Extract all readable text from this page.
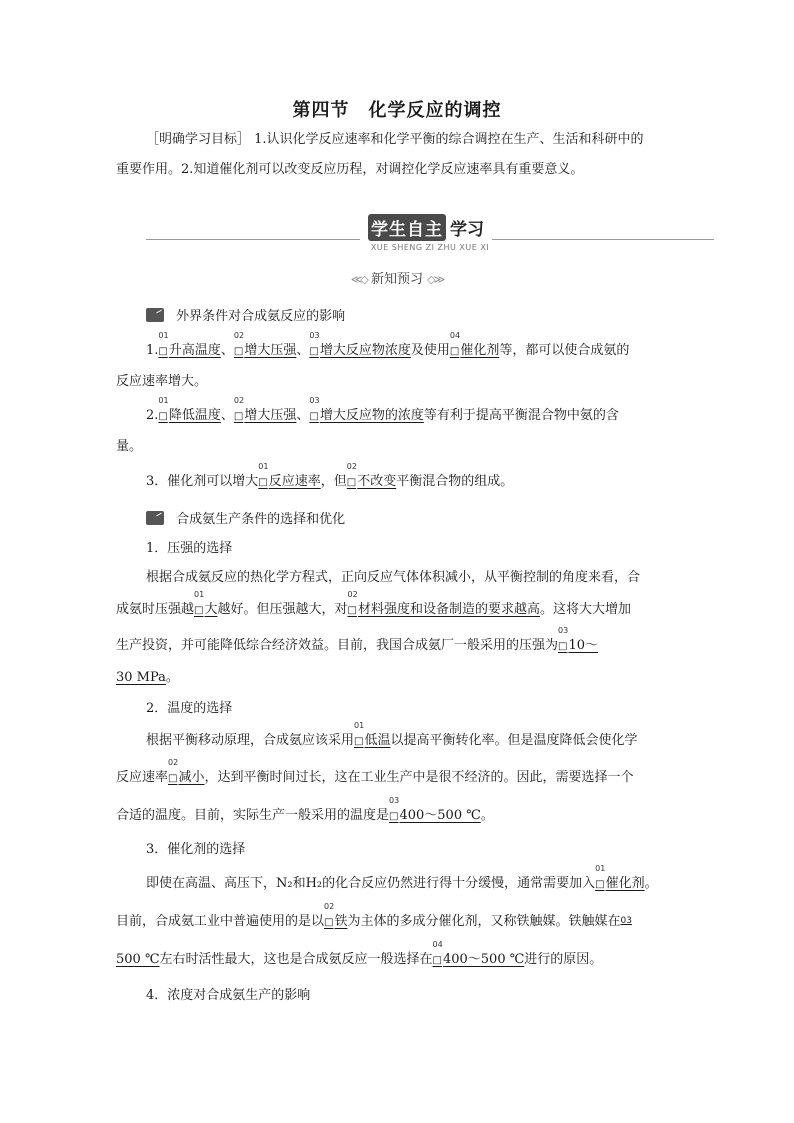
第四节　化学反应的调控
［明确学习目标］ 1.认识化学反应速率和化学平衡的综合调控在生产、生活和科研中的
重要作用。2.知道催化剂可以改变反应历程，对调控化学反应速率具有重要意义。
学生自主 学习
XUE SHENG ZI ZHU XUE XI
≪◇ 新知预习 ◇≫
外界条件对合成氨反应的影响
1.
01
□升高温度、
02
□增大压强、
03
□增大反应物浓度及使用
04
□催化剂等，都可以使合成氨的
反应速率增大。
2.
01
□降低温度、
02
□增大压强、
03
□增大反应物的浓度等有利于提高平衡混合物中氨的含
量。
3．催化剂可以增大
01
□反应速率，但
02
□不改变平衡混合物的组成。
合成氨生产条件的选择和优化
1．压强的选择
根据合成氨反应的热化学方程式，正向反应气体体积减小，从平衡控制的角度来看，合
成氨时压强越
01
□大越好。但压强越大，对
02
□材料强度和设备制造的要求越高。这将大大增加
生产投资，并可能降低综合经济效益。目前，我国合成氨厂一般采用的压强为
03
□10～
30 MPa。
2．温度的选择
根据平衡移动原理，合成氨应该采用
01
□低温以提高平衡转化率。但是温度降低会使化学
反应速率
02
□减小，达到平衡时间过长，这在工业生产中是很不经济的。因此，需要选择一个
合适的温度。目前，实际生产一般采用的温度是
03
□400～500 ℃。
3．催化剂的选择
即使在高温、高压下，N₂和H₂的化合反应仍然进行得十分缓慢，通常需要加入
01
□催化剂。
目前，合成氨工业中普遍使用的是以
02
□铁为主体的多成分催化剂，又称铁触媒。铁触媒在03
500 ℃左右时活性最大，这也是合成氨反应一般选择在
04
□400～500 ℃进行的原因。
4．浓度对合成氨生产的影响
